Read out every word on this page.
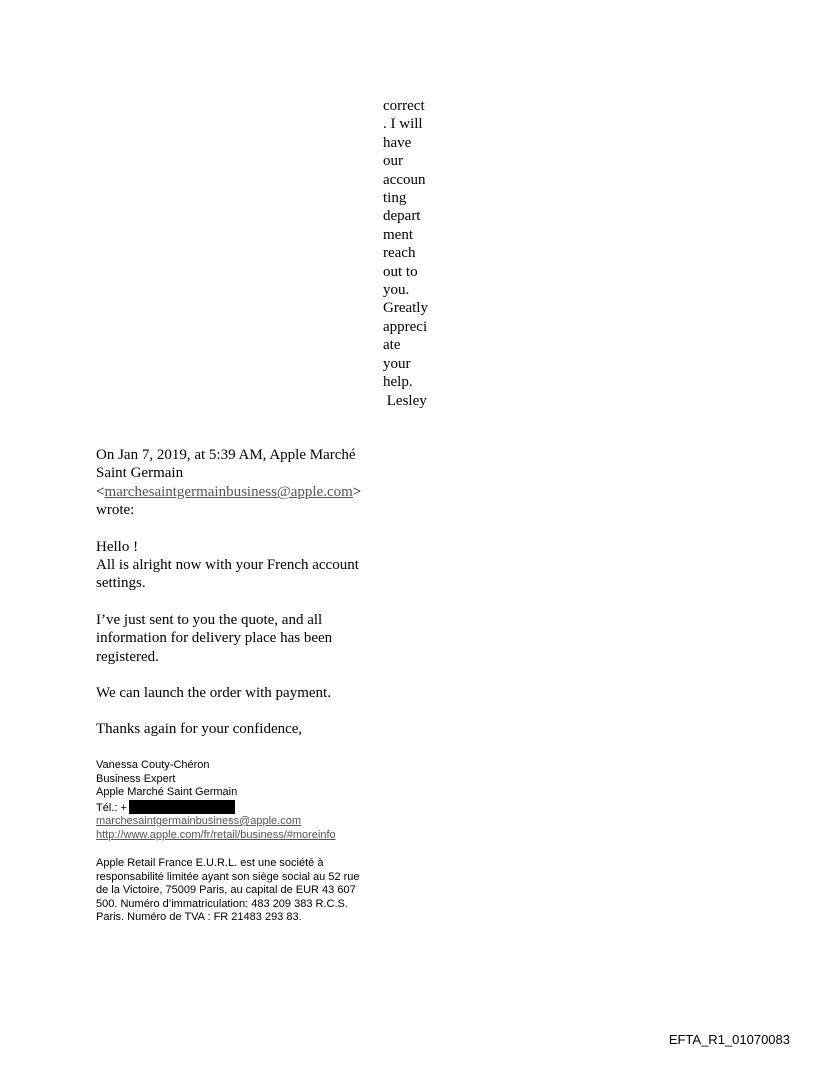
correct
. I will
have
our
accoun
ting
depart
ment
reach
out to
you.
Greatly
appreci
ate
your
help.
Lesley

On Jan 7, 2019, at 5:39 AM, Apple Marché

Saint Germain

<marchesaintgermainbusiness@apple.com>

wrote:

Hello !

All is alright now with your French account

settings.

I’ve just sent to you the quote, and all

information for delivery place has been

registered.

We can launch the order with payment.

Thanks again for your confidence,

Vanessa Couty-Chéron
Business Expert
Apple Marché Saint Germain
Tél.: +
marchesaintgermainbusiness@apple.com
http://www.apple.com/fr/retail/business/#moreinfo
Apple Retail France E.U.R.L. est une société à
responsabilité limitée ayant son siège social au 52 rue
de la Victoire, 75009 Paris, au capital de EUR 43 607
500. Numéro d’immatriculation: 483 209 383 R.C.S.
Paris. Numéro de TVA : FR 21483 293 83.
EFTA_R1_01070083
